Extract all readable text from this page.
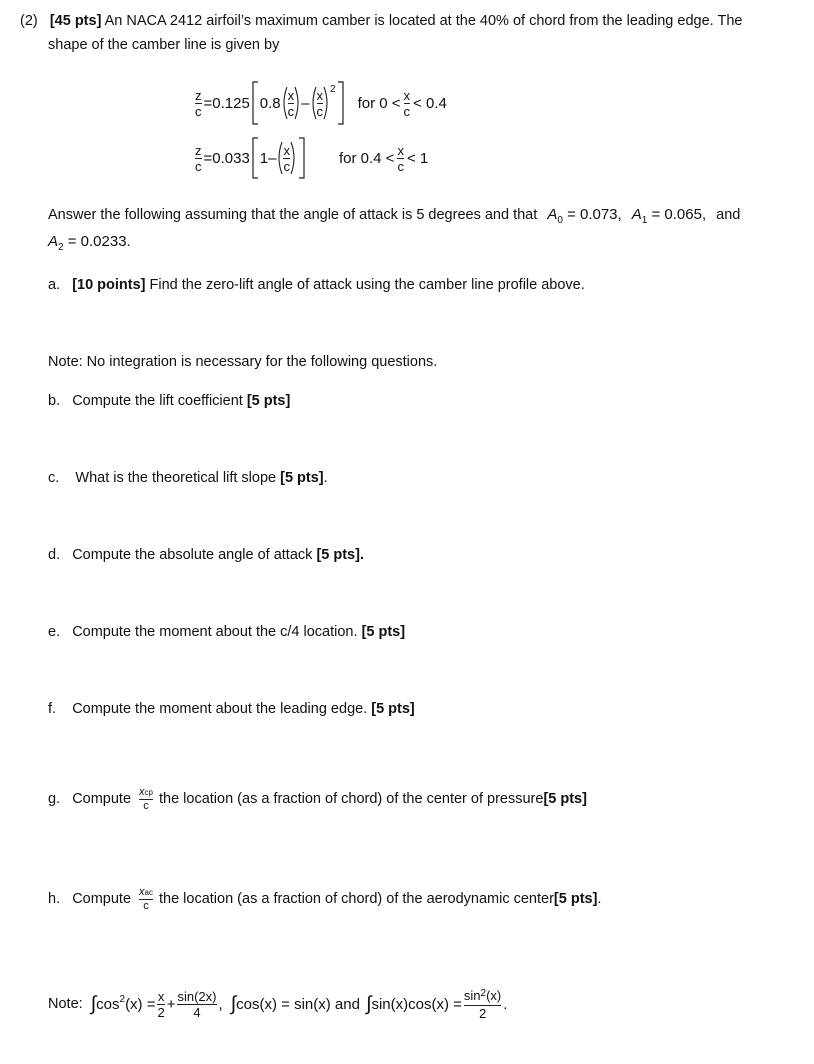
(2) [45 pts] An NACA 2412 airfoil’s maximum camber is located at the 40% of chord from the leading edge. The
shape of the camber line is given by
$\frac{z}{c} =0.125$ $0.8 \frac{x}{c} - \frac{x}{c} 2$
for $0 < \frac{x}{c} < 0.4$
$\frac{z}{c} =0.033$ $1- \frac{x}{c}$	for $0.4 < \frac{x}{c} < 1$
Answer the following assuming that the angle of attack is 5 degrees and that $A_0 = 0.073$, $A_1 = 0.065$, and
$A_2 = 0.0233$.
a. [10 points] Find the zero-lift angle of attack using the camber line profile above.
Note: No integration is necessary for the following questions.
b. Compute the lift coefficient [5 pts]
c. What is the theoretical lift slope [5 pts].
d. Compute the absolute angle of attack [5 pts].
e. Compute the moment about the c/4 location. [5 pts]
f. Compute the moment about the leading edge. [5 pts]
g.
Compute $\frac{\text{xcp}}{c}$ the location (as a fraction of chord) of the center of pressure [5 pts]
h.
Compute $\frac{\text{xac}}{c}$ the location (as a fraction of chord) of the aerodynamic center [5 pts] .
Note: ∫ $\cos^2(x) = \frac{x}{2} + \frac{\sin(2x)}{4}$ , ∫ cos(x) = sin(x) and ∫ $\sin(x)\cos(x) = \frac{\sin^2(x)}{2}$ .
